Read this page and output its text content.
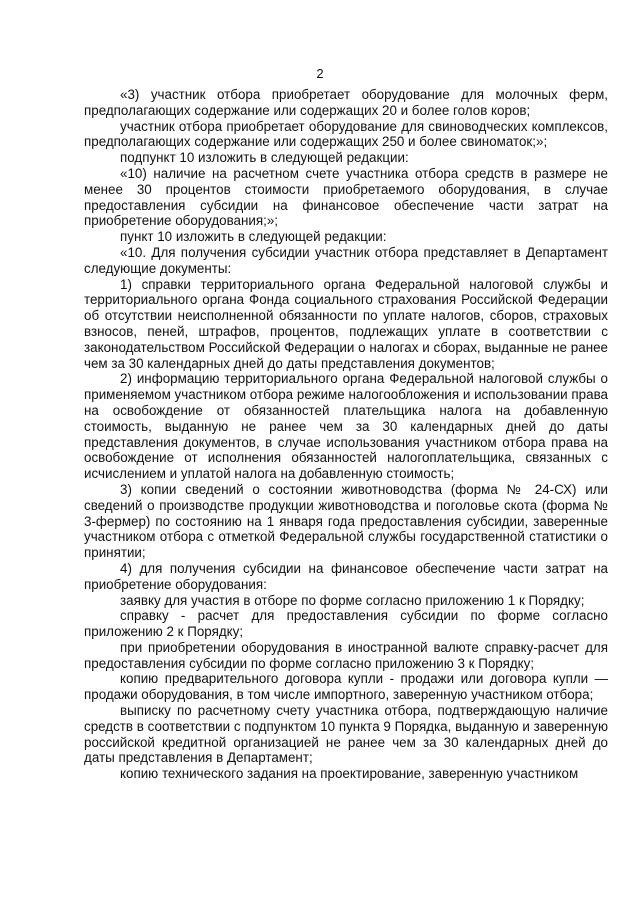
2

«3) участник отбора приобретает оборудование для молочных ферм, предполагающих содержание или содержащих 20 и более голов коров;

участник отбора приобретает оборудование для свиноводческих комплексов, предполагающих содержание или содержащих 250 и более свиноматок;»;

подпункт 10 изложить в следующей редакции:

«10) наличие на расчетном счете участника отбора средств в размере не менее 30 процентов стоимости приобретаемого оборудования, в случае предоставления субсидии на финансовое обеспечение части затрат на приобретение оборудования;»;

пункт 10 изложить в следующей редакции:

«10. Для получения субсидии участник отбора представляет в Департамент следующие документы:

1) справки территориального органа Федеральной налоговой службы и территориального органа Фонда социального страхования Российской Федерации об отсутствии неисполненной обязанности по уплате налогов, сборов, страховых взносов, пеней, штрафов, процентов, подлежащих уплате в соответствии с законодательством Российской Федерации о налогах и сборах, выданные не ранее чем за 30 календарных дней до даты представления документов;

2) информацию территориального органа Федеральной налоговой службы о применяемом участником отбора режиме налогообложения и использовании права на освобождение от обязанностей плательщика налога на добавленную стоимость, выданную не ранее чем за 30 календарных дней до даты представления документов, в случае использования участником отбора права на освобождение от исполнения обязанностей налогоплательщика, связанных с исчислением и уплатой налога на добавленную стоимость;

3) копии сведений о состоянии животноводства (форма № 24-СХ) или сведений о производстве продукции животноводства и поголовье скота (форма № 3-фермер) по состоянию на 1 января года предоставления субсидии, заверенные участником отбора с отметкой Федеральной службы государственной статистики о принятии;

4) для получения субсидии на финансовое обеспечение части затрат на приобретение оборудования:

заявку для участия в отборе по форме согласно приложению 1 к Порядку;

справку - расчет для предоставления субсидии по форме согласно приложению 2 к Порядку;

при приобретении оборудования в иностранной валюте справку-расчет для предоставления субсидии по форме согласно приложению 3 к Порядку;

копию предварительного договора купли - продажи или договора купли — продажи оборудования, в том числе импортного, заверенную участником отбора;

выписку по расчетному счету участника отбора, подтверждающую наличие средств в соответствии с подпунктом 10 пункта 9 Порядка, выданную и заверенную российской кредитной организацией не ранее чем за 30 календарных дней до даты представления в Департамент;

копию технического задания на проектирование, заверенную участником
